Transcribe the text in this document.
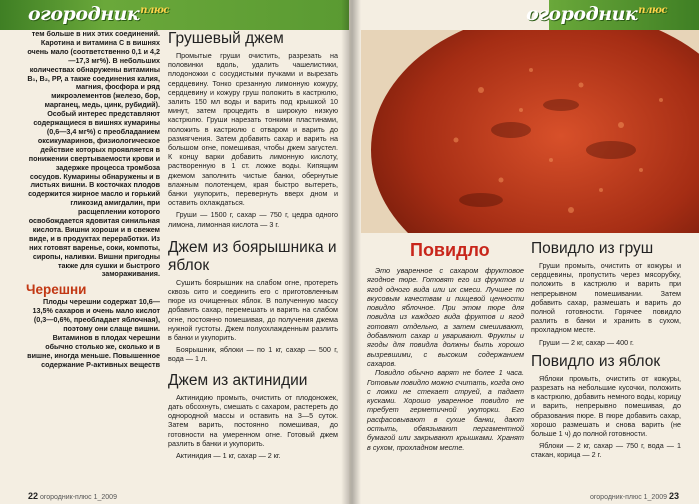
огородник$^{плюс}$

тем больше в них этих соединений. Каротина и витамина С в вишнях очень мало (соответственно 0,1 и 4,2—17,3 мг%). В небольших количествах обнаружены витамины В₁, В₂, РР, а также соединения калия, магния, фосфора и ряд микроэлементов (железо, бор, марганец, медь, цинк, рубидий). Особый интерес представляют содержащиеся в вишнях кумарины (0,6—3,4 мг%) с преобладанием оксикумаринов, физиологическое действие которых проявляется в понижении свертываемости крови и задержке процесса тромбоза сосудов. Кумарины обнаружены и в листьях вишни. В косточках плодов содержится жирное масло и горький гликозид амигдалин, при расщеплении которого освобождается ядовитая синильная кислота. Вишни хороши и в свежем виде, и в продуктах переработки. Из них готовят варенье, соки, компоты, сиропы, наливки. Вишни пригодны также для сушки и быстрого замораживания.

Черешни

Плоды черешни содержат 10,6—13,5% сахаров и очень мало кислот (0,3—0,6%, преобладает яблочная), поэтому они слаще вишни. Витаминов в плодах черешни обычно столько же, сколько и в вишне, иногда меньше. Повышенное содержание Р-активных веществ

Грушевый джем

Промытые груши очистить, разрезать на половинки вдоль, удалить чашелистики, плодоножки с сосудистыми пучками и вырезать сердцевину. Тонко срезанную лимонную кожуру, сердцевину и кожуру груш положить в кастрюлю, залить 150 мл воды и варить под крышкой 10 минут, затем процедить в широкую низкую кастрюлю. Груши нарезать тонкими пластинами, положить в кастрюлю с отваром и варить до размягчения. Затем добавить сахар и варить на большом огне, помешивая, чтобы джем загустел. К концу варки добавить лимонную кислоту, растворенную в 1 ст. ложке воды. Кипящим джемом заполнить чистые банки, обернутые влажным полотенцем, края быстро вытереть, банки укупорить, перевернуть вверх дном и оставить охлаждаться.

Груши — 1500 г, сахар — 750 г, цедра одного лимона, лимонная кислота — 3 г.

Джем из боярышника и яблок

Сушить боярышник на слабом огне, протереть сквозь сито и соединить его с приготовленным пюре из очищенных яблок. В полученную массу добавить сахар, перемешать и варить на слабом огне, постоянно помешивая, до получения джема нужной густоты. Джем полуохлажденным разлить в банки и укупорить.

Боярышник, яблоки — по 1 кг, сахар — 500 г, вода — 1 л.

Джем из актинидии

Актинидию промыть, очистить от плодоножек, дать обсохнуть, смешать с сахаром, растереть до однородной массы и оставить на 3—5 суток. Затем варить, постоянно помешивая, до готовности на умеренном огне. Готовый джем разлить в банки и укупорить.

Актинидия — 1 кг, сахар — 2 кг.

22 огородник-плюс 1_2009
огородник$^{плюс}$
Повидло

Это уваренное с сахаром фруктовое ягодное пюре. Готовят его из фруктов и ягод одного вида или их смеси. Лучшее по вкусовым качествам и пищевой ценности повидло яблочное. При этом пюре для повидла из каждого вида фруктов и ягод готовят отдельно, а затем смешивают, добавляют сахар и уваривают. Фрукты и ягоды для повидла должны быть хорошо вызревшими, с высоким содержанием сахаров.

Повидло обычно варят не более 1 часа. Готовым повидло можно считать, когда оно с ложки не стекает струей, а падает кусками. Хорошо уваренное повидло не требует герметичной укупорки. Его расфасовывают в сухие банки, дают остыть, обвязывают пергаментной бумагой или закрывают крышками. Хранят в сухом, прохладном месте.

Повидло из груш

Груши промыть, очистить от кожуры и сердцевины, пропустить через мясорубку, положить в кастрюлю и варить при непрерывном помешивании. Затем добавить сахар, размешать и варить до полной готовности. Горячее повидло разлить в банки и хранить в сухом, прохладном месте.

Груши — 2 кг, сахар — 400 г.

Повидло из яблок

Яблоки промыть, очистить от кожуры, разрезать на небольшие кусочки, положить в кастрюлю, добавить немного воды, корицу и варить, непрерывно помешивая, до образования пюре. В пюре добавить сахар, хорошо размешать и снова варить (не больше 1 ч) до полной готовности.

Яблоки — 2 кг, сахар — 750 г, вода — 1 стакан, корица — 2 г.

огородник-плюс 1_2009 23
